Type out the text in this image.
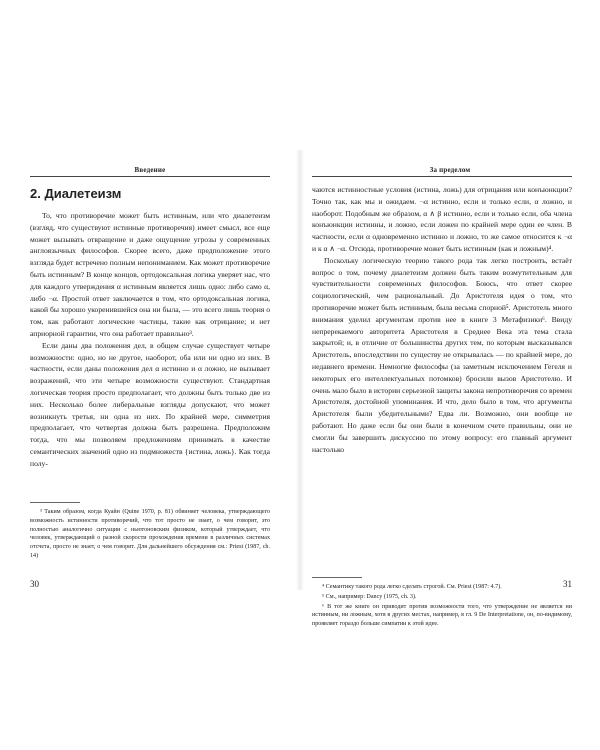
Введение
2. Диалетеизм

То, что противоречие может быть истинным, или что диалетеизм (взгляд, что существуют истинные противоречия) имеет смысл, все еще может вызывать отвращение и даже ощущение угрозы у современных англоязычных философов. Скорее всего, даже предположение этого взгляда будет встречено полным непониманием. Как может противоречие быть истинным? В конце концов, ортодоксальная логика уверяет нас, что для каждого утверждения α истинным является лишь одно: либо само α, либо ¬α. Простой ответ заключается в том, что ортодоксальная логика, какой бы хорошо укоренившейся она ни была, — это всего лишь теория о том, как работают логические частицы, такие как отрицание; и нет априорной гарантии, что она работает правильно³.

Если даны два положения дел, в общем случае существует четыре возможности: одно, но не другое, наоборот, оба или ни одно из них. В частности, если даны положения дел α истинно и α ложно, не вызывает возражений, что эти четыре возможности существуют. Стандартная логическая теория просто предполагает, что должны быть только две из них. Несколько более либеральные взгляды допускают, что может возникнуть третья, ни одна из них. По крайней мере, симметрия предполагает, что четвертая должна быть разрешена. Предположим тогда, что мы позволяем предложениям принимать в качестве семантических значений одно из подмножеств {истина, ложь}. Как тогда полу-

³ Таким образом, когда Куайн (Quine 1970, p. 81) обвиняет человека, утверждающего возможность истинности противоречий, что тот просто не знает, о чем говорит, это полностью аналогично ситуации с ньютоновским физиком, который утверждает, что человек, утверждающий о разной скорости прохождения времени в различных системах отсчета, просто не знает, о чем говорит. Для дальнейшего обсуждения см.: Priest (1987, ch. 14)

30
За пределом

чаются истинностные условия (истина, ложь) для отрицания или конъюнкции? Точно так, как мы и ожидаем. ¬α истинно, если и только если, α ложно, и наоборот. Подобным же образом, α ∧ β истинно, если и только если, оба члена конъюнкции истинны, и ложно, если ложен по крайней мере один ее член. В частности, если α одновременно истинно и ложно, то же самое относится к ¬α и к α ∧ ¬α. Отсюда, противоречие может быть истинным (как и ложным)⁴.

Поскольку логическую теорию такого рода так легко построить, встаёт вопрос о том, почему диалетеизм должен быть таким возмутительным для чувствительности современных философов. Боюсь, что ответ скорее социологический, чем рациональный. До Аристотеля идея о том, что противоречие может быть истинным, была весьма спорной⁵. Аристотель много внимания уделил аргументам против нее в книге 3 Метафизики⁶. Ввиду непререкаемого авторитета Аристотеля в Среднее Века эта тема стала закрытой; и, в отличие от большинства других тем, по которым высказывался Аристотель, впоследствии по существу не открывалась — по крайней мере, до недавнего времени. Немногие философы (за заметным исключением Гегеля и некоторых его интеллектуальных потомков) бросили вызов Аристотелю. И очень мало было в истории серьезной защиты закона непротиворечия со времен Аристотеля, достойной упоминания. И что, дело было в том, что аргументы Аристотеля были убедительными? Едва ли. Возможно, они вообще не работают. Но даже если бы они были в конечном счете правильны, они не смогли бы завершить дискуссию по этому вопросу: его главный аргумент настолько

⁴ Семантику такого рода легко сделать строгой. См. Priest (1987: 4.7).

⁵ См., например: Dancy (1975, ch. 3).

⁶ В тот же книге он приводит против возможности того, что утверждение не является ни истинным, ни ложным, хотя в других местах, например, в гл. 9 De Interpretatione, он, по-видимому, проявляет гораздо больше симпатии к этой идее.

31
